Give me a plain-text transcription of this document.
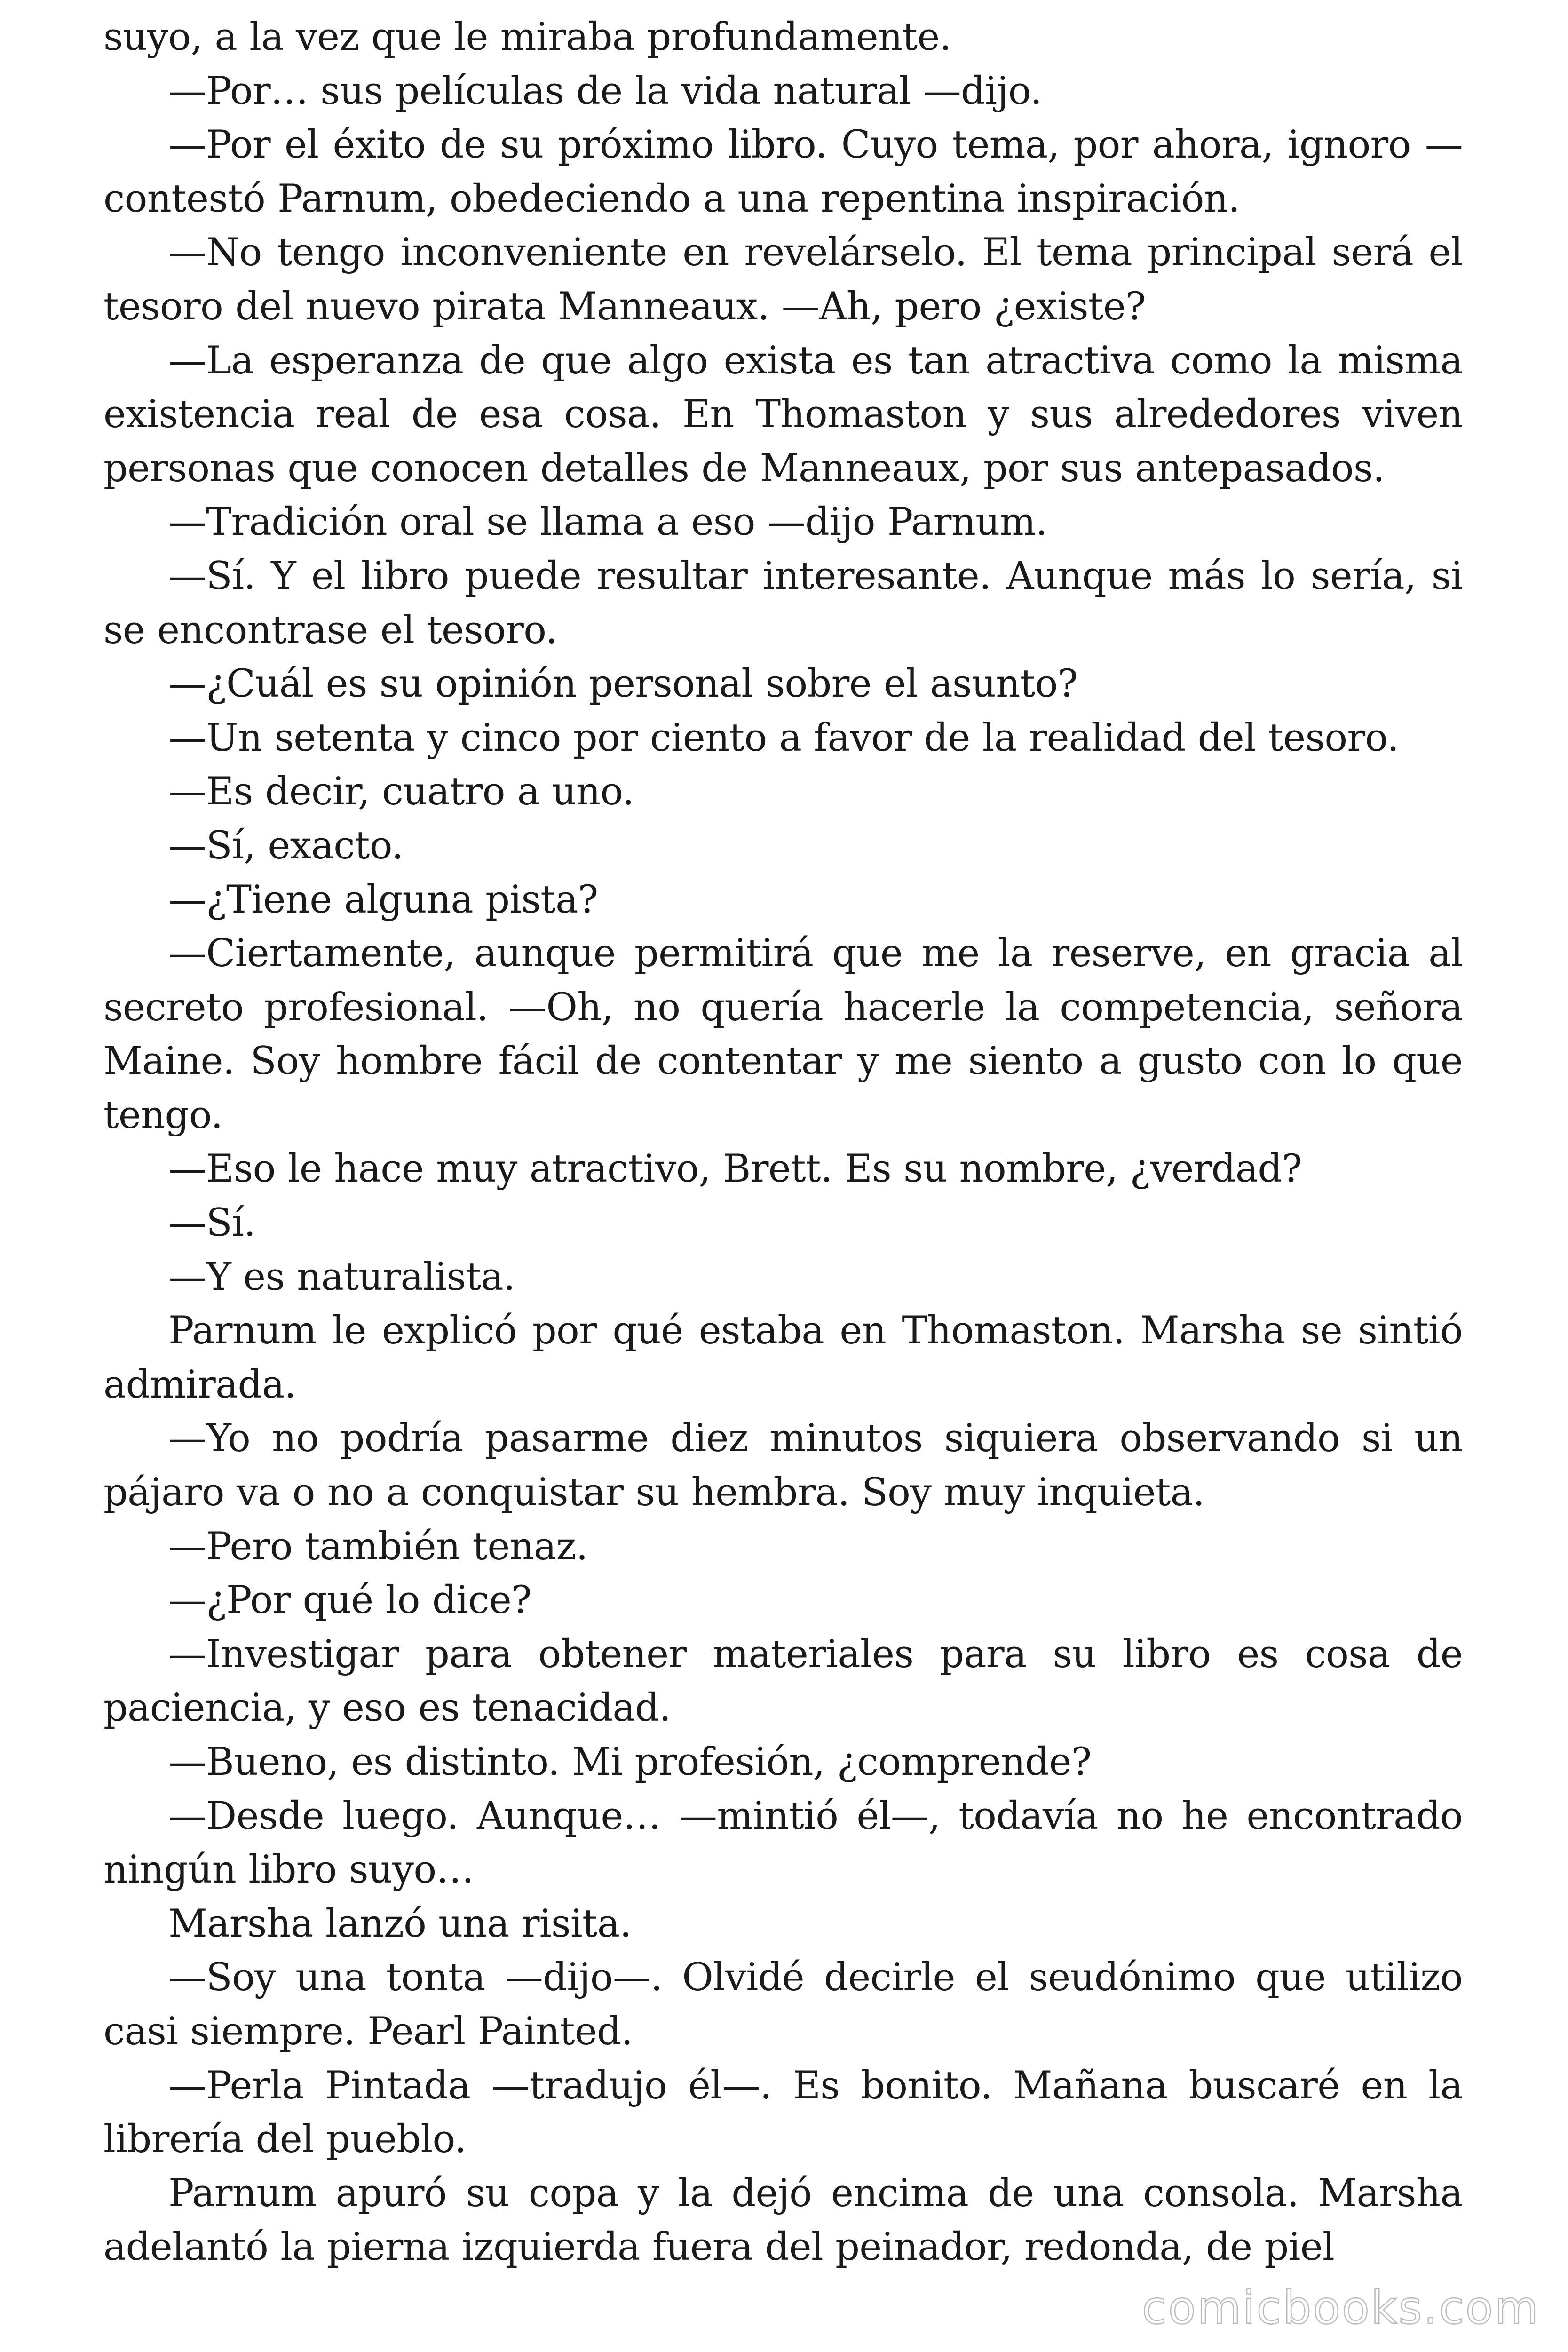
suyo, a la vez que le miraba profundamente.

—Por… sus películas de la vida natural —dijo.

—Por el éxito de su próximo libro. Cuyo tema, por ahora, ignoro —contestó Parnum, obedeciendo a una repentina inspiración.

—No tengo inconveniente en revelárselo. El tema principal será el tesoro del nuevo pirata Manneaux. —Ah, pero ¿existe?

—La esperanza de que algo exista es tan atractiva como la misma existencia real de esa cosa. En Thomaston y sus alrededores viven personas que conocen detalles de Manneaux, por sus antepasados.

—Tradición oral se llama a eso —dijo Parnum.

—Sí. Y el libro puede resultar interesante. Aunque más lo sería, si se encontrase el tesoro.

—¿Cuál es su opinión personal sobre el asunto?

—Un setenta y cinco por ciento a favor de la realidad del tesoro.

—Es decir, cuatro a uno.

—Sí, exacto.

—¿Tiene alguna pista?

—Ciertamente, aunque permitirá que me la reserve, en gracia al secreto profesional. —Oh, no quería hacerle la competencia, señora Maine. Soy hombre fácil de contentar y me siento a gusto con lo que tengo.

—Eso le hace muy atractivo, Brett. Es su nombre, ¿verdad?

—Sí.

—Y es naturalista.

Parnum le explicó por qué estaba en Thomaston. Marsha se sintió admirada.

—Yo no podría pasarme diez minutos siquiera observando si un pájaro va o no a conquistar su hembra. Soy muy inquieta.

—Pero también tenaz.

—¿Por qué lo dice?

—Investigar para obtener materiales para su libro es cosa de paciencia, y eso es tenacidad.

—Bueno, es distinto. Mi profesión, ¿comprende?

—Desde luego. Aunque… —mintió él—, todavía no he encontrado ningún libro suyo…

Marsha lanzó una risita.

—Soy una tonta —dijo—. Olvidé decirle el seudónimo que utilizo casi siempre. Pearl Painted.

—Perla Pintada —tradujo él—. Es bonito. Mañana buscaré en la librería del pueblo.

Parnum apuró su copa y la dejó encima de una consola. Marsha adelantó la pierna izquierda fuera del peinador, redonda, de piel

comicbooks.com
